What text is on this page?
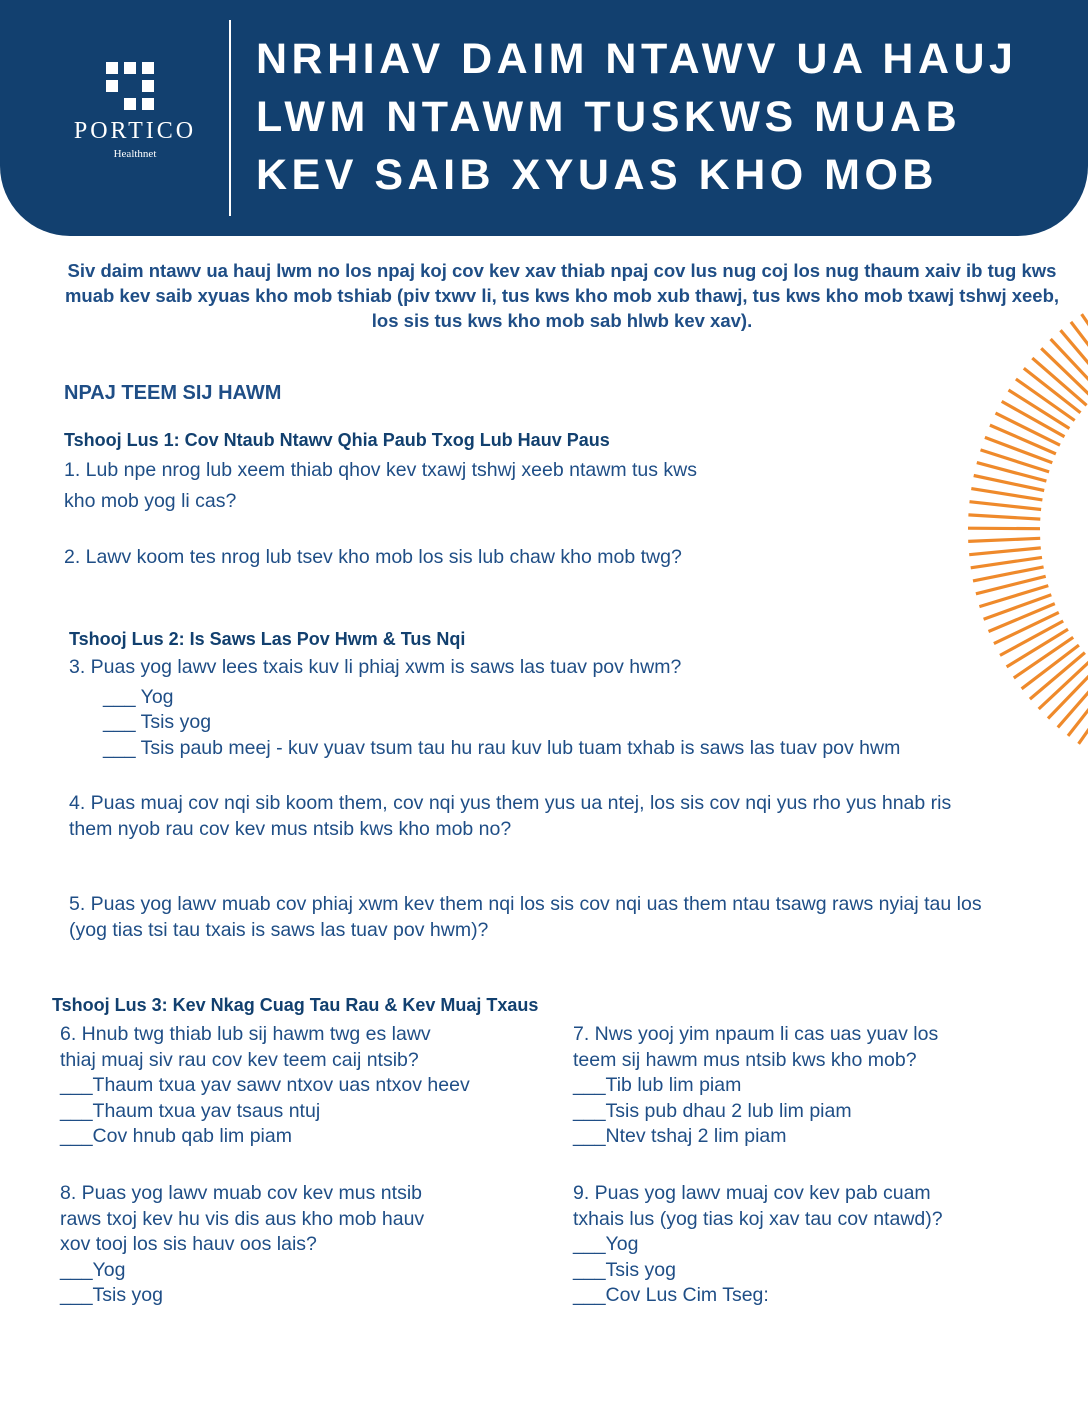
PORTICO
Healthnet
NRHIAV DAIM NTAWV UA HAUJ
LWM NTAWM TUSKWS MUAB
KEV SAIB XYUAS KHO MOB
Siv daim ntawv ua hauj lwm no los npaj koj cov kev xav thiab npaj cov lus nug coj los nug thaum xaiv ib tug kws muab kev saib xyuas kho mob tshiab (piv txwv li, tus kws kho mob xub thawj, tus kws kho mob txawj tshwj xeeb, los sis tus kws kho mob sab hlwb kev xav).
NPAJ TEEM SIJ HAWM
Tshooj Lus 1: Cov Ntaub Ntawv Qhia Paub Txog Lub Hauv Paus
1. Lub npe nrog lub xeem thiab qhov kev txawj tshwj xeeb ntawm tus kws kho mob yog li cas?
2. Lawv koom tes nrog lub tsev kho mob los sis lub chaw kho mob twg?
Tshooj Lus 2: Is Saws Las Pov Hwm & Tus Nqi
3. Puas yog lawv lees txais kuv li phiaj xwm is saws las tuav pov hwm?
___ Yog
___ Tsis yog
___ Tsis paub meej - kuv yuav tsum tau hu rau kuv lub tuam txhab is saws las tuav pov hwm
4. Puas muaj cov nqi sib koom them, cov nqi yus them yus ua ntej, los sis cov nqi yus rho yus hnab ris them nyob rau cov kev mus ntsib kws kho mob no?
5. Puas yog lawv muab cov phiaj xwm kev them nqi los sis cov nqi uas them ntau tsawg raws nyiaj tau los (yog tias tsi tau txais is saws las tuav pov hwm)?
Tshooj Lus 3: Kev Nkag Cuag Tau Rau & Kev Muaj Txaus
6. Hnub twg thiab lub sij hawm twg es lawv
thiaj muaj siv rau cov kev teem caij ntsib?
___Thaum txua yav sawv ntxov uas ntxov heev
___Thaum txua yav tsaus ntuj
___Cov hnub qab lim piam
7. Nws yooj yim npaum li cas uas yuav los
teem sij hawm mus ntsib kws kho mob?
___Tib lub lim piam
___Tsis pub dhau 2 lub lim piam
___Ntev tshaj 2 lim piam
8. Puas yog lawv muab cov kev mus ntsib
raws txoj kev hu vis dis aus kho mob hauv
xov tooj los sis hauv oos lais?
___Yog
___Tsis yog
9. Puas yog lawv muaj cov kev pab cuam
txhais lus (yog tias koj xav tau cov ntawd)?
___Yog
___Tsis yog
___Cov Lus Cim Tseg:
